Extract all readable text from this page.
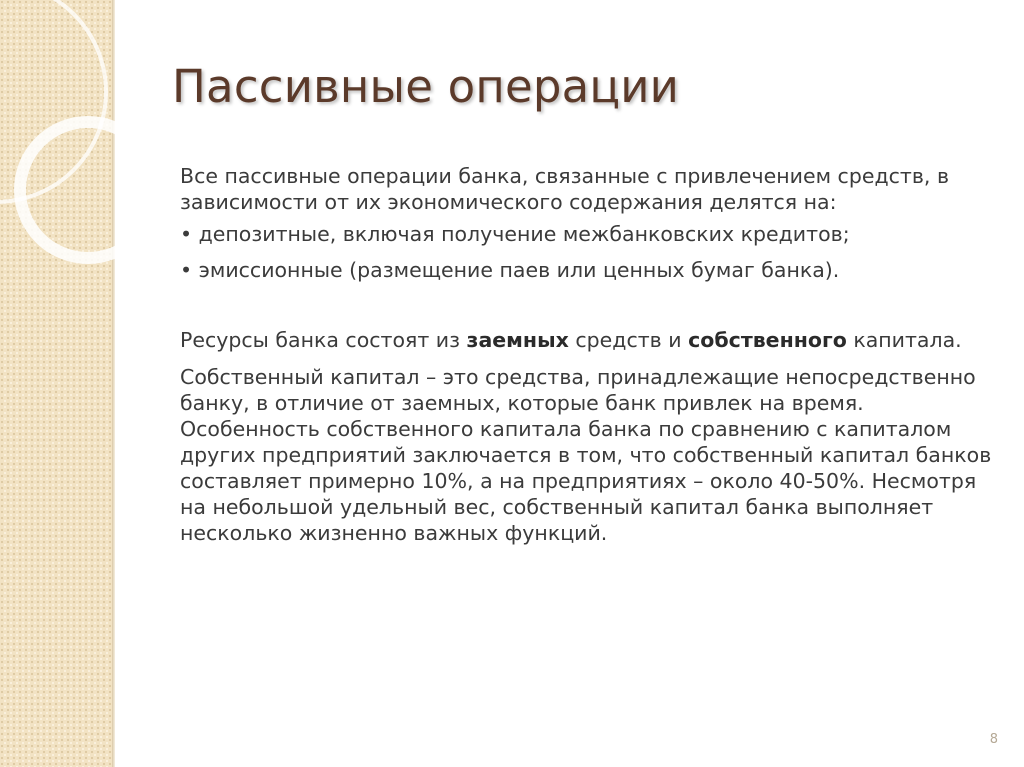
Пассивные операции

Все пассивные операции банка, связанные с привлечением средств, в зависимости от их экономического содержания делятся на:

• депозитные, включая получение межбанковских кредитов;

• эмиссионные (размещение паев или ценных бумаг банка).

Ресурсы банка состоят из заемных средств и собственного капитала.

Собственный капитал – это средства, принадлежащие непосредственно банку, в отличие от заемных, которые банк привлек на время. Особенность собственного капитала банка по сравнению с капиталом других предприятий заключается в том, что собственный капитал банков составляет примерно 10%, а на предприятиях – около 40-50%. Несмотря на небольшой удельный вес, собственный капитал банка выполняет несколько жизненно важных функций.

8
